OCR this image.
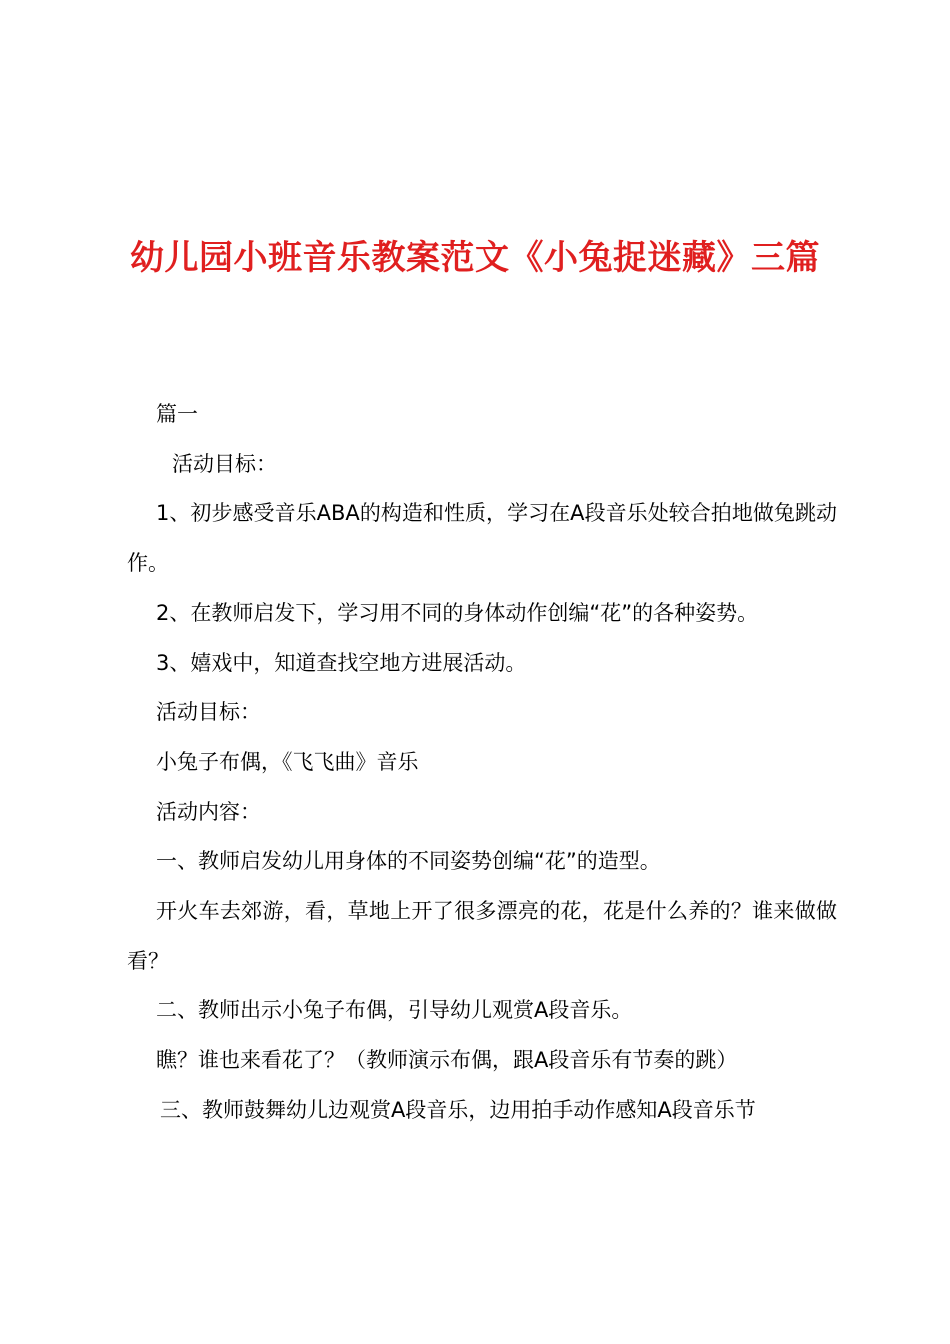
幼儿园小班音乐教案范文《小兔捉迷藏》三篇

篇一

活动目标：

1、初步感受音乐ABA的构造和性质，学习在A段音乐处较合拍地做兔跳动作。

2、在教师启发下，学习用不同的身体动作创编“花”的各种姿势。

3、嬉戏中，知道查找空地方进展活动。

活动目标：

小兔子布偶，《飞飞曲》音乐

活动内容：

一、教师启发幼儿用身体的不同姿势创编“花”的造型。

开火车去郊游，看，草地上开了很多漂亮的花，花是什么养的？谁来做做看？

二、教师出示小兔子布偶，引导幼儿观赏A段音乐。

瞧？谁也来看花了？（教师演示布偶，跟A段音乐有节奏的跳）

三、教师鼓舞幼儿边观赏A段音乐，边用拍手动作感知A段音乐节
